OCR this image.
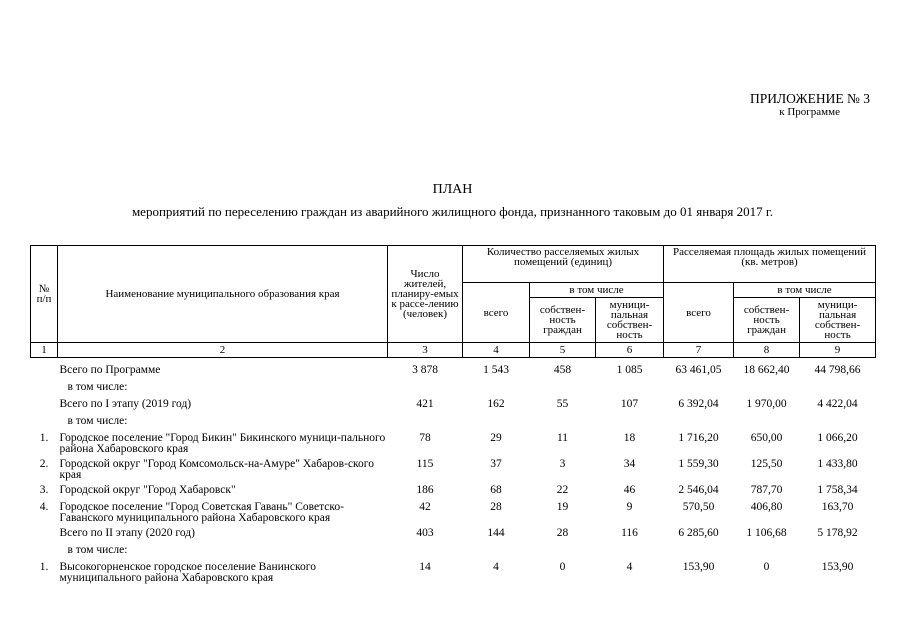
ПРИЛОЖЕНИЕ № 3
к Программе
ПЛАН
мероприятий по переселению граждан из аварийного жилищного фонда, признанного таковым до 01 января 2017 г.
№ п/п	Наименование муниципального образования края	Число жителей, планиру-емых к рассе-лению (человек)	Количество расселяемых жилых помещений (единиц)			Расселяемая площадь жилых помещений (кв. метров)		
			всего	в том числе		всего	в том числе	
				собствен-ность граждан	муници-пальная собствен-ность		собствен-ность граждан	муници-пальная собствен-ность
1	2	3	4	5	6	7	8	9
	Всего по Программе	3 878	1 543	458	1 085	63 461,05	18 662,40	44 798,66
	в том числе:							
	Всего по I этапу (2019 год)	421	162	55	107	6 392,04	1 970,00	4 422,04
	в том числе:							
1.	Городское поселение "Город Бикин" Бикинского муници-пального района Хабаровского края	78	29	11	18	1 716,20	650,00	1 066,20
2.	Городской округ "Город Комсомольск-на-Амуре" Хабаров-ского края	115	37	3	34	1 559,30	125,50	1 433,80
3.	Городской округ "Город Хабаровск"	186	68	22	46	2 546,04	787,70	1 758,34
4.	Городское поселение "Город Советская Гавань" Советско-Гаванского муниципального района Хабаровского края	42	28	19	9	570,50	406,80	163,70
	Всего по II этапу (2020 год)	403	144	28	116	6 285,60	1 106,68	5 178,92
	в том числе:							
1.	Высокогорненское городское поселение Ванинского муниципального района Хабаровского края	14	4	0	4	153,90	0	153,90
